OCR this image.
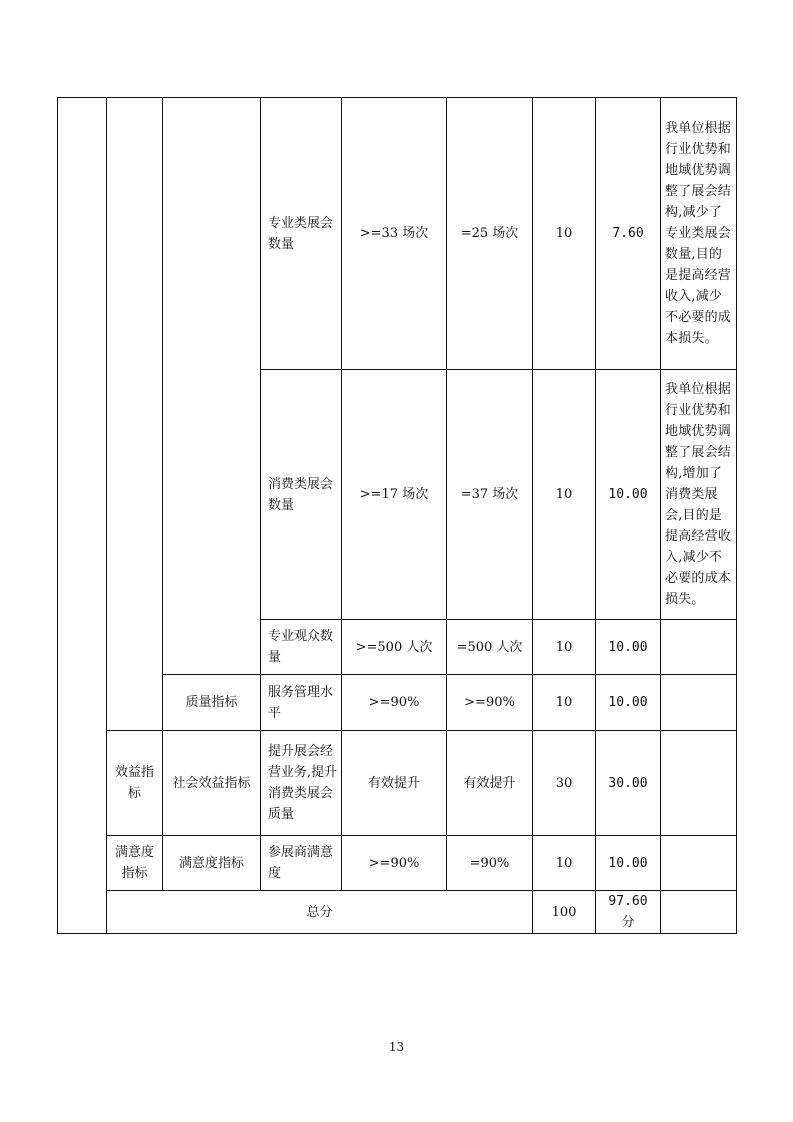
			专业类展会数量	>=33 场次	=25 场次	10	7.60	我单位根据行业优势和地域优势调整了展会结构,减少了专业类展会数量,目的是提高经营收入,减少不必要的成本损失。
			消费类展会数量	>=17 场次	=37 场次	10	10.00	我单位根据行业优势和地域优势调整了展会结构,增加了消费类展会,目的是提高经营收入,减少不必要的成本损失。
			专业观众数量	>=500 人次	=500 人次	10	10.00	
		质量指标	服务管理水平	>=90%	>=90%	10	10.00	
	效益指标	社会效益指标	提升展会经营业务,提升消费类展会质量	有效提升	有效提升	30	30.00	
	满意度指标	满意度指标	参展商满意度	>=90%	=90%	10	10.00	
	总分					100	97.60 分	
13
